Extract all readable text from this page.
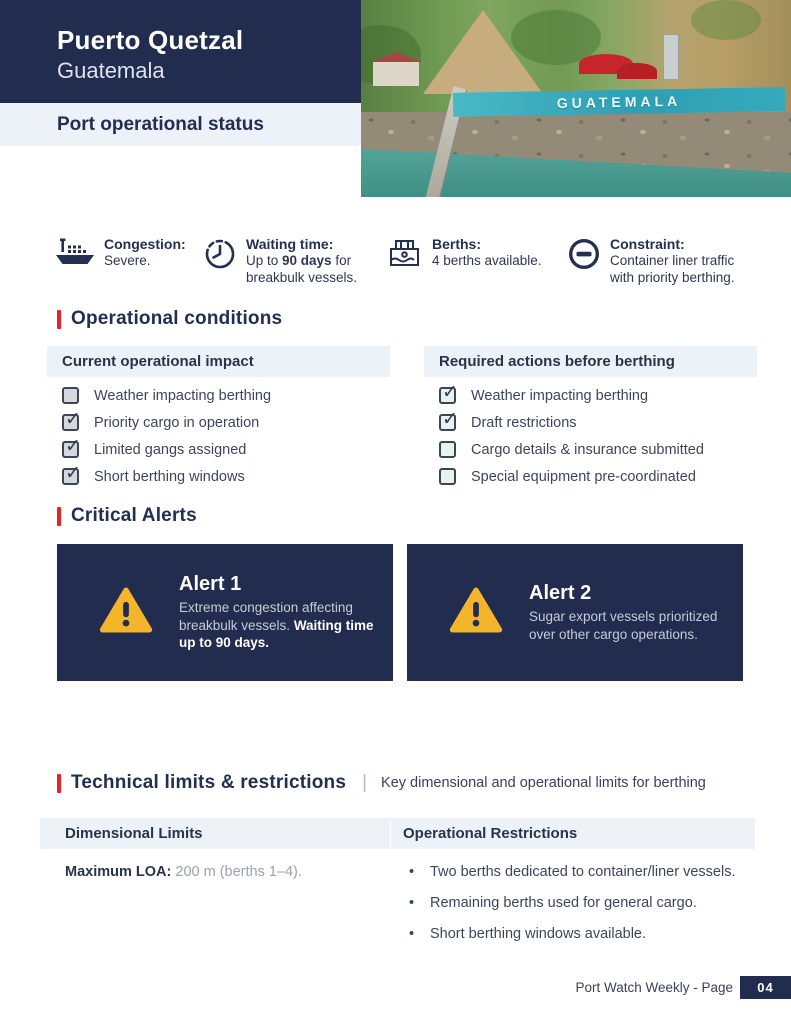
GUATEMALA
Puerto Quetzal
Guatemala
Port operational status
Congestion:
Severe.
Waiting time:
Up to 90 days for
breakbulk vessels.
Berths:
4 berths available.
Constraint:
Container liner traffic
with priority berthing.
Operational conditions
Current operational impact
Weather impacting berthing
✓
Priority cargo in operation
✓
Limited gangs assigned
✓
Short berthing windows
Required actions before berthing
✓
Weather impacting berthing
✓
Draft restrictions
Cargo details & insurance submitted
Special equipment pre-coordinated
Critical Alerts
Alert 1
Extreme congestion affecting breakbulk vessels. Waiting time up to 90 days.
Alert 2
Sugar export vessels prioritized over other cargo operations.
Technical limits & restrictions | Key dimensional and operational limits for berthing
Dimensional Limits	Operational Restrictions
Maximum LOA: 200 m (berths 1–4).	• Two berths dedicated to container/liner vessels.
• Remaining berths used for general cargo.
• Short berthing windows available.
Port Watch Weekly - Page	04
